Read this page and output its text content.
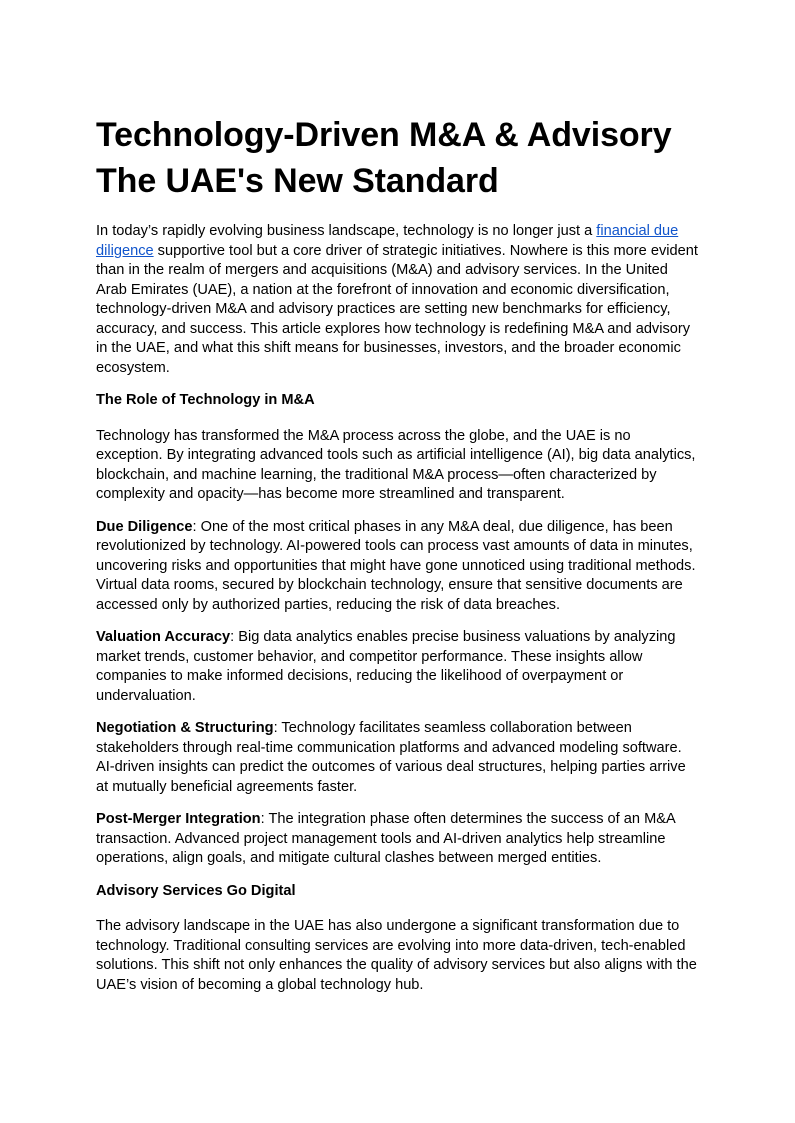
Technology-Driven M&A & Advisory
The UAE's New Standard

In today’s rapidly evolving business landscape, technology is no longer just a financial due diligence supportive tool but a core driver of strategic initiatives. Nowhere is this more evident than in the realm of mergers and acquisitions (M&A) and advisory services. In the United Arab Emirates (UAE), a nation at the forefront of innovation and economic diversification, technology-driven M&A and advisory practices are setting new benchmarks for efficiency, accuracy, and success. This article explores how technology is redefining M&A and advisory in the UAE, and what this shift means for businesses, investors, and the broader economic ecosystem.

The Role of Technology in M&A

Technology has transformed the M&A process across the globe, and the UAE is no exception. By integrating advanced tools such as artificial intelligence (AI), big data analytics, blockchain, and machine learning, the traditional M&A process—often characterized by complexity and opacity—has become more streamlined and transparent.

Due Diligence: One of the most critical phases in any M&A deal, due diligence, has been revolutionized by technology. AI-powered tools can process vast amounts of data in minutes, uncovering risks and opportunities that might have gone unnoticed using traditional methods. Virtual data rooms, secured by blockchain technology, ensure that sensitive documents are accessed only by authorized parties, reducing the risk of data breaches.

Valuation Accuracy: Big data analytics enables precise business valuations by analyzing market trends, customer behavior, and competitor performance. These insights allow companies to make informed decisions, reducing the likelihood of overpayment or undervaluation.

Negotiation & Structuring: Technology facilitates seamless collaboration between stakeholders through real-time communication platforms and advanced modeling software. AI-driven insights can predict the outcomes of various deal structures, helping parties arrive at mutually beneficial agreements faster.

Post-Merger Integration: The integration phase often determines the success of an M&A transaction. Advanced project management tools and AI-driven analytics help streamline operations, align goals, and mitigate cultural clashes between merged entities.

Advisory Services Go Digital

The advisory landscape in the UAE has also undergone a significant transformation due to technology. Traditional consulting services are evolving into more data-driven, tech-enabled solutions. This shift not only enhances the quality of advisory services but also aligns with the UAE’s vision of becoming a global technology hub.
